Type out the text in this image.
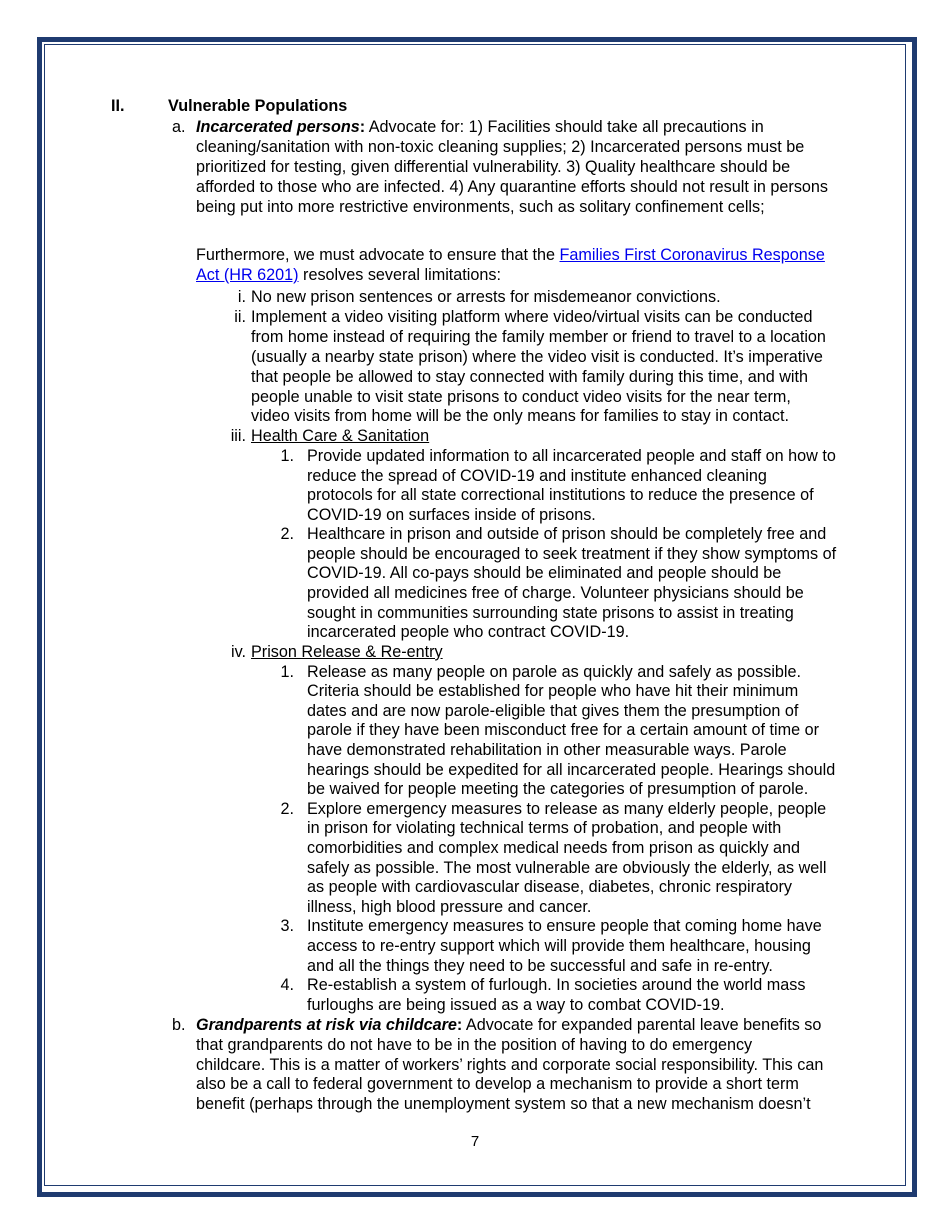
II.	Vulnerable Populations
a. Incarcerated persons: Advocate for: 1) Facilities should take all precautions in
cleaning/sanitation with non-toxic cleaning supplies; 2) Incarcerated persons must be
prioritized for testing, given differential vulnerability. 3) Quality healthcare should be
afforded to those who are infected. 4) Any quarantine efforts should not result in persons
being put into more restrictive environments, such as solitary confinement cells;
Furthermore, we must advocate to ensure that the Families First Coronavirus Response
Act (HR 6201) resolves several limitations:
i. No new prison sentences or arrests for misdemeanor convictions.
ii. Implement a video visiting platform where video/virtual visits can be conducted
from home instead of requiring the family member or friend to travel to a location
(usually a nearby state prison) where the video visit is conducted. It’s imperative
that people be allowed to stay connected with family during this time, and with
people unable to visit state prisons to conduct video visits for the near term,
video visits from home will be the only means for families to stay in contact.
iii. Health Care & Sanitation
1. Provide updated information to all incarcerated people and staff on how to
reduce the spread of COVID-19 and institute enhanced cleaning
protocols for all state correctional institutions to reduce the presence of
COVID-19 on surfaces inside of prisons.
2. Healthcare in prison and outside of prison should be completely free and
people should be encouraged to seek treatment if they show symptoms of
COVID-19. All co-pays should be eliminated and people should be
provided all medicines free of charge. Volunteer physicians should be
sought in communities surrounding state prisons to assist in treating
incarcerated people who contract COVID-19.
iv. Prison Release & Re-entry
1. Release as many people on parole as quickly and safely as possible.
Criteria should be established for people who have hit their minimum
dates and are now parole-eligible that gives them the presumption of
parole if they have been misconduct free for a certain amount of time or
have demonstrated rehabilitation in other measurable ways. Parole
hearings should be expedited for all incarcerated people. Hearings should
be waived for people meeting the categories of presumption of parole.
2. Explore emergency measures to release as many elderly people, people
in prison for violating technical terms of probation, and people with
comorbidities and complex medical needs from prison as quickly and
safely as possible. The most vulnerable are obviously the elderly, as well
as people with cardiovascular disease, diabetes, chronic respiratory
illness, high blood pressure and cancer.
3. Institute emergency measures to ensure people that coming home have
access to re-entry support which will provide them healthcare, housing
and all the things they need to be successful and safe in re-entry.
4. Re-establish a system of furlough. In societies around the world mass
furloughs are being issued as a way to combat COVID-19.
b. Grandparents at risk via childcare: Advocate for expanded parental leave benefits so
that grandparents do not have to be in the position of having to do emergency
childcare. This is a matter of workers’ rights and corporate social responsibility. This can
also be a call to federal government to develop a mechanism to provide a short term
benefit (perhaps through the unemployment system so that a new mechanism doesn’t
7
